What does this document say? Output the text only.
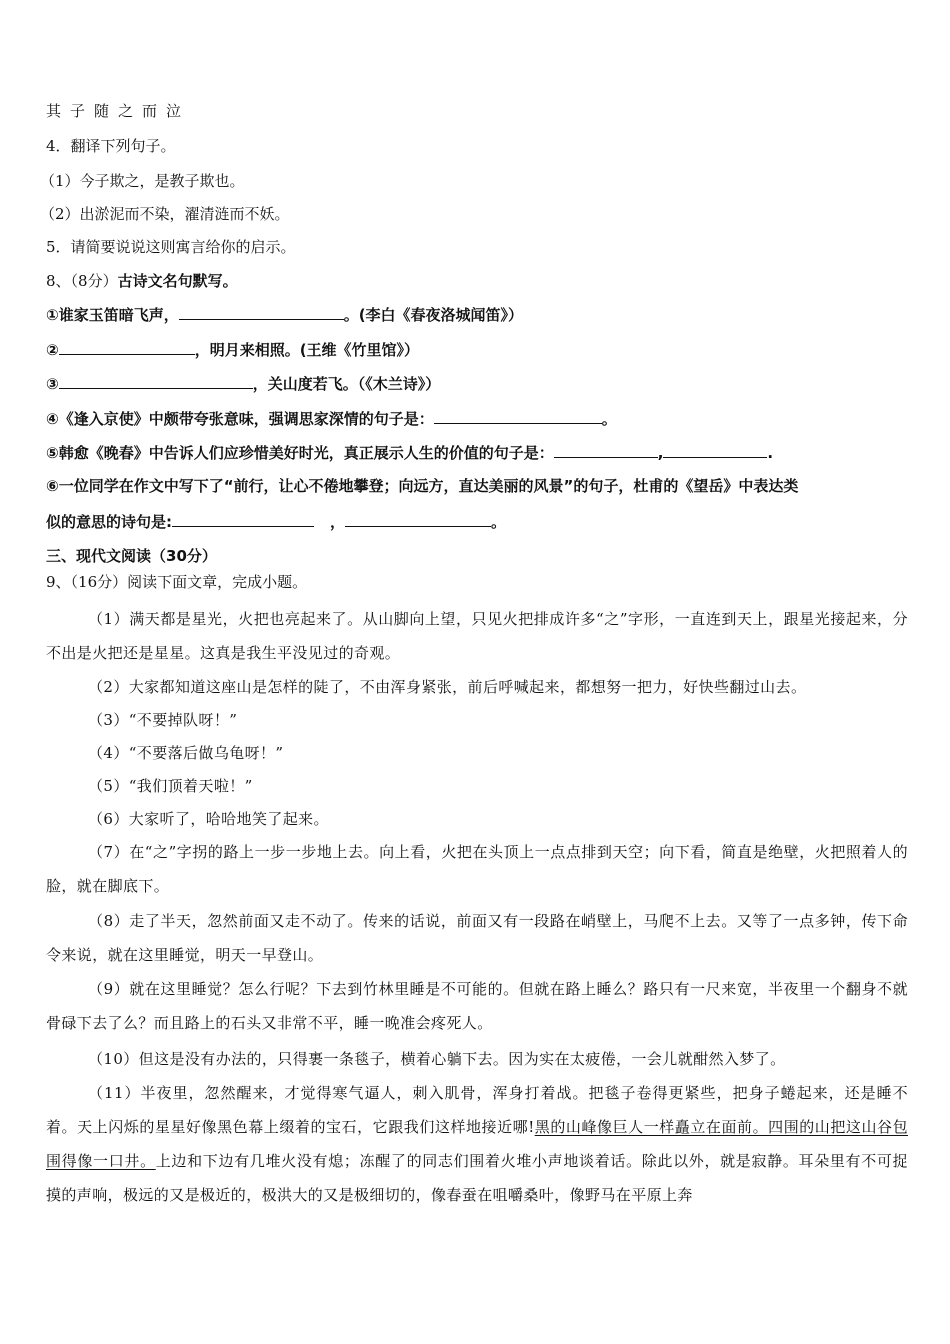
其子随之而泣
4．翻译下列句子。
（1）今子欺之，是教子欺也。
（2）出淤泥而不染，濯清涟而不妖。
5．请简要说说这则寓言给你的启示。
8、（8分）古诗文名句默写。
①谁家玉笛暗飞声，	。(李白《春夜洛城闻笛》）
②	，明月来相照。(王维《竹里馆》）
③	，关山度若飞。（《木兰诗》）
④《逢入京使》中颇带夸张意味，强调思家深情的句子是：	。
⑤韩愈《晚春》中告诉人们应珍惜美好时光，真正展示人生的价值的句子是：	,	.
⑥一位同学在作文中写下了“前行，让心不倦地攀登；向远方，直达美丽的风景”的句子，杜甫的《望岳》中表达类
似的意思的诗句是:	，	。
三、现代文阅读（30分）
9、（16分）阅读下面文章，完成小题。
（1）满天都是星光，火把也亮起来了。从山脚向上望，只见火把排成许多“之”字形，一直连到天上，跟星光接起来，分不出是火把还是星星。这真是我生平没见过的奇观。
（2）大家都知道这座山是怎样的陡了，不由浑身紧张，前后呼喊起来，都想努一把力，好快些翻过山去。
（3）“不要掉队呀！”
（4）“不要落后做乌龟呀！”
（5）“我们顶着天啦！”
（6）大家听了，哈哈地笑了起来。
（7）在“之”字拐的路上一步一步地上去。向上看，火把在头顶上一点点排到天空；向下看，简直是绝壁，火把照着人的脸，就在脚底下。
（8）走了半天，忽然前面又走不动了。传来的话说，前面又有一段路在峭壁上，马爬不上去。又等了一点多钟，传下命令来说，就在这里睡觉，明天一早登山。
（9）就在这里睡觉？怎么行呢？下去到竹林里睡是不可能的。但就在路上睡么？路只有一尺来宽，半夜里一个翻身不就骨碌下去了么？而且路上的石头又非常不平，睡一晚准会疼死人。
（10）但这是没有办法的，只得裹一条毯子，横着心躺下去。因为实在太疲倦，一会儿就酣然入梦了。
（11）半夜里，忽然醒来，才觉得寒气逼人，刺入肌骨，浑身打着战。把毯子卷得更紧些，把身子蜷起来，还是睡不着。天上闪烁的星星好像黑色幕上缀着的宝石，它跟我们这样地接近哪!黑的山峰像巨人一样矗立在面前。四围的山把这山谷包围得像一口井。上边和下边有几堆火没有熄；冻醒了的同志们围着火堆小声地谈着话。除此以外，就是寂静。耳朵里有不可捉摸的声响，极远的又是极近的，极洪大的又是极细切的，像春蚕在咀嚼桑叶，像野马在平原上奔
